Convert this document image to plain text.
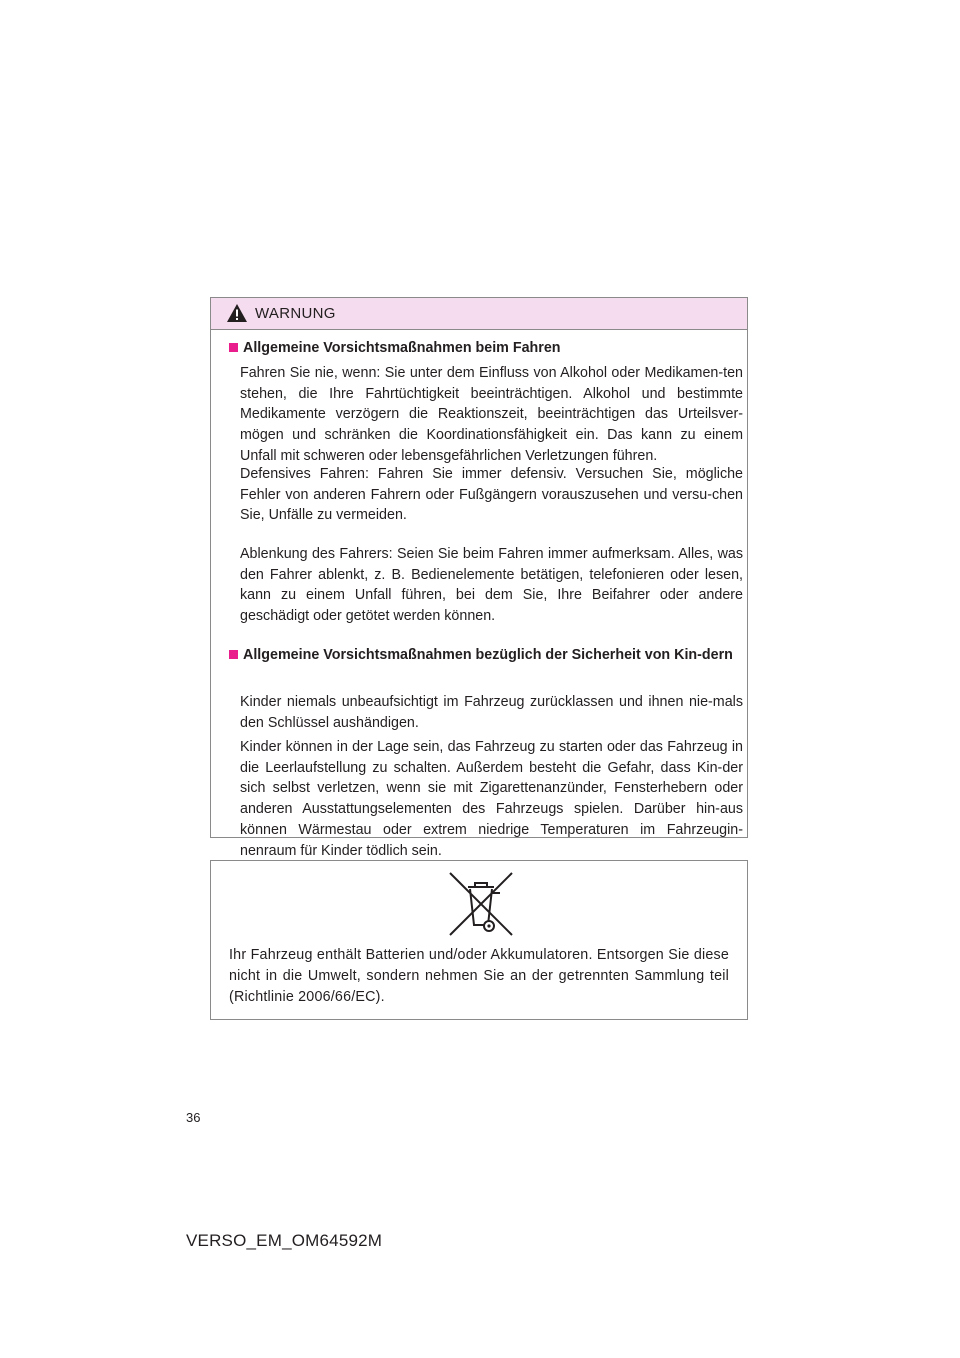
WARNUNG
Allgemeine Vorsichtsmaßnahmen beim Fahren
Fahren Sie nie, wenn: Sie unter dem Einfluss von Alkohol oder Medikamen-ten stehen, die Ihre Fahrtüchtigkeit beeinträchtigen. Alkohol und bestimmte Medikamente verzögern die Reaktionszeit, beeinträchtigen das Urteilsver-mögen und schränken die Koordinationsfähigkeit ein. Das kann zu einem Unfall mit schweren oder lebensgefährlichen Verletzungen führen.
Defensives Fahren: Fahren Sie immer defensiv. Versuchen Sie, mögliche Fehler von anderen Fahrern oder Fußgängern vorauszusehen und versu-chen Sie, Unfälle zu vermeiden.
Ablenkung des Fahrers: Seien Sie beim Fahren immer aufmerksam. Alles, was den Fahrer ablenkt, z. B. Bedienelemente betätigen, telefonieren oder lesen, kann zu einem Unfall führen, bei dem Sie, Ihre Beifahrer oder andere geschädigt oder getötet werden können.
Allgemeine Vorsichtsmaßnahmen bezüglich der Sicherheit von Kin-dern
Kinder niemals unbeaufsichtigt im Fahrzeug zurücklassen und ihnen nie-mals den Schlüssel aushändigen.
Kinder können in der Lage sein, das Fahrzeug zu starten oder das Fahrzeug in die Leerlaufstellung zu schalten. Außerdem besteht die Gefahr, dass Kin-der sich selbst verletzen, wenn sie mit Zigarettenanzünder, Fensterhebern oder anderen Ausstattungselementen des Fahrzeugs spielen. Darüber hin-aus können Wärmestau oder extrem niedrige Temperaturen im Fahrzeugin-nenraum für Kinder tödlich sein.
Ihr Fahrzeug enthält Batterien und/oder Akkumulatoren. Entsorgen Sie diese nicht in die Umwelt, sondern nehmen Sie an der getrennten Sammlung teil (Richtlinie 2006/66/EC).
36
VERSO_EM_OM64592M
